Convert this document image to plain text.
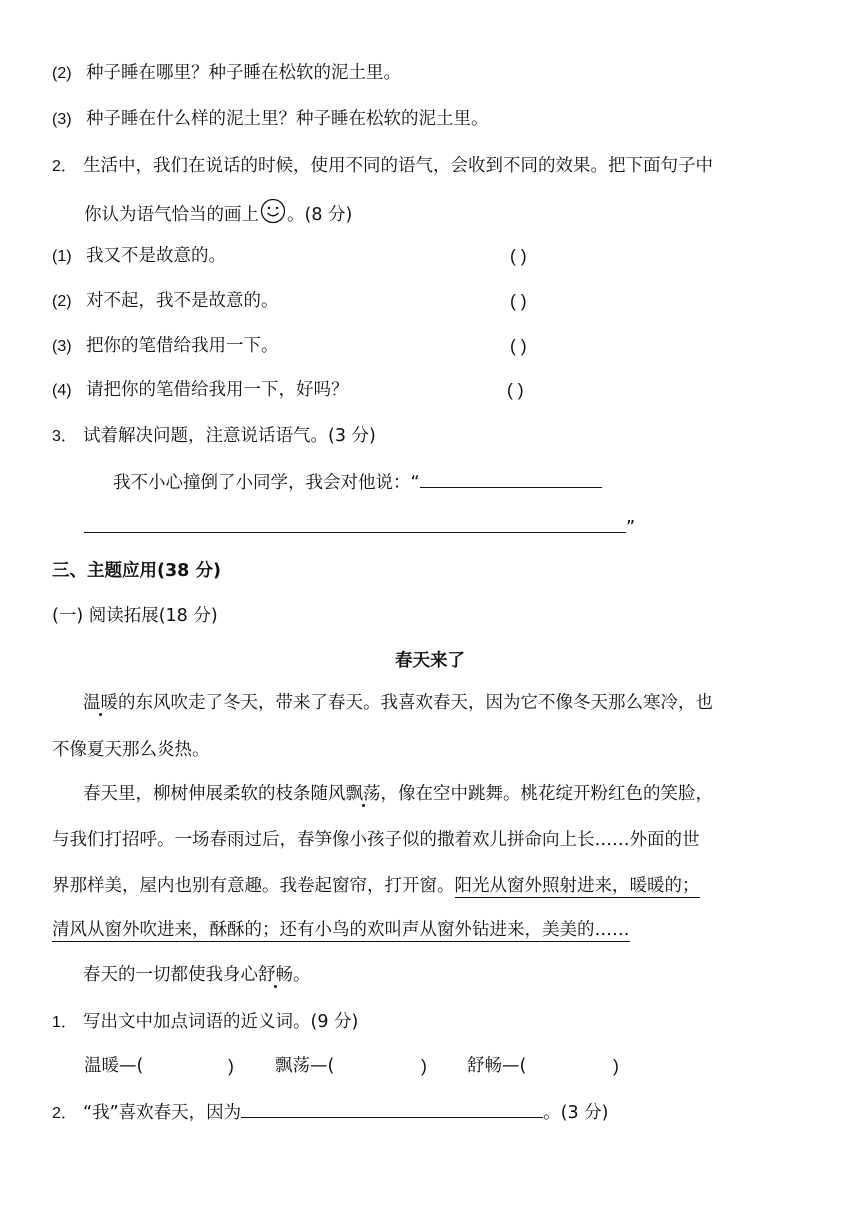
(2) 种子睡在哪里？种子睡在松软的泥土里。
(3) 种子睡在什么样的泥土里？种子睡在松软的泥土里。
2． 生活中，我们在说话的时候，使用不同的语气，会收到不同的效果。把下面句子中
你认为语气恰当的画上 。(8 分)
(1) 我又不是故意的。	( )
(2) 对不起，我不是故意的。	( )
(3) 把你的笔借给我用一下。	( )
(4) 请把你的笔借给我用一下，好吗？	( )
3． 试着解决问题，注意说话语气。(3 分)
我不小心撞倒了小同学，我会对他说：“
”
三、主题应用(38 分)
(一) 阅读拓展(18 分)
春天来了
温暖的东风吹走了冬天，带来了春天。我喜欢春天，因为它不像冬天那么寒冷，也
不像夏天那么炎热。
春天里，柳树伸展柔软的枝条随风飘荡，像在空中跳舞。桃花绽开粉红色的笑脸，
与我们打招呼。一场春雨过后，春笋像小孩子似的撒着欢儿拼命向上长……外面的世
界那样美，屋内也别有意趣。我卷起窗帘，打开窗。阳光从窗外照射进来，暖暖的；
清风从窗外吹进来，酥酥的；还有小鸟的欢叫声从窗外钻进来，美美的……
春天的一切都使我身心舒畅。
1． 写出文中加点词语的近义词。(9 分)
温暖—(	) 飘荡—(	) 舒畅—(	)
2． “我”喜欢春天，因为	。(3 分)
